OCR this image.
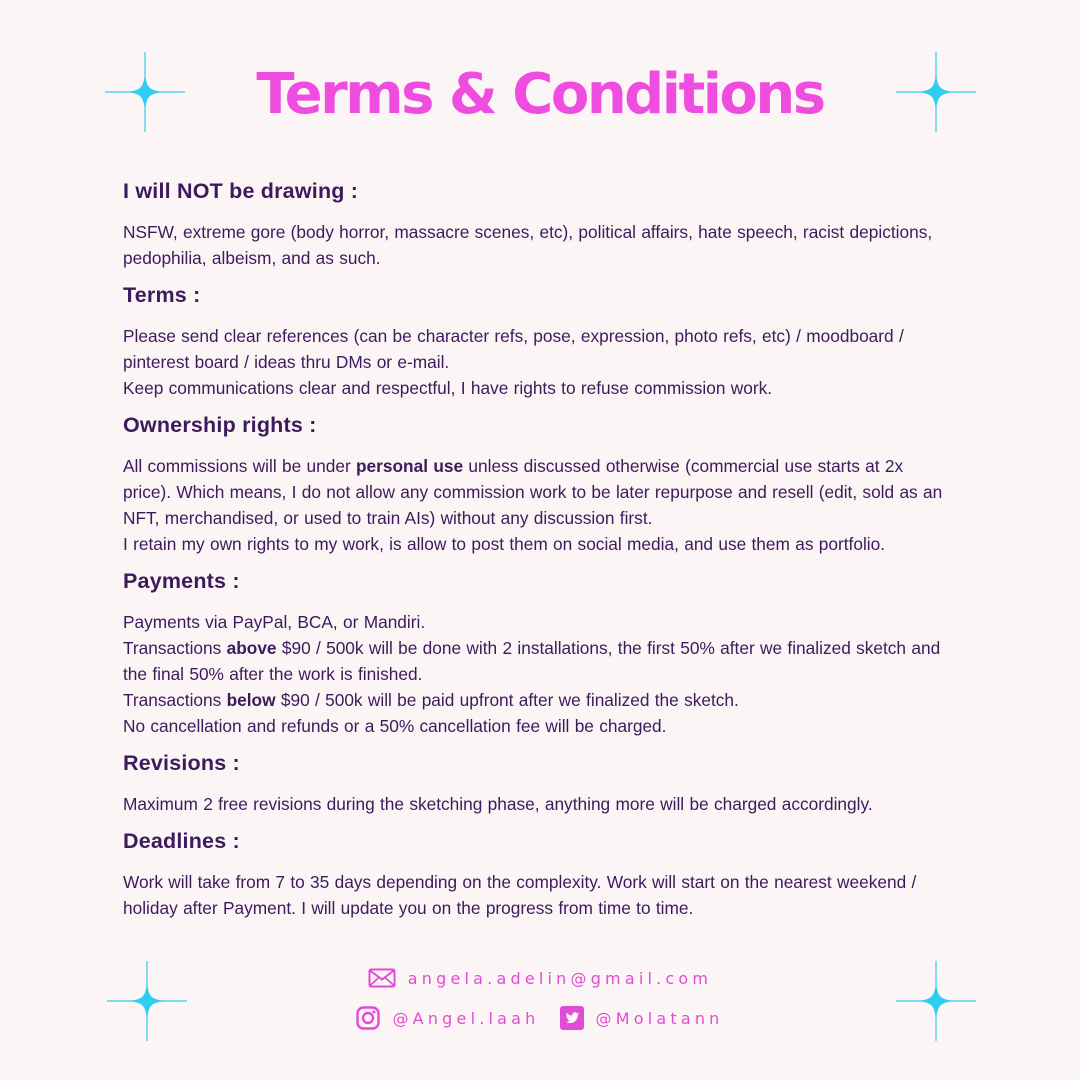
Terms & Conditions
I will NOT be drawing :

NSFW, extreme gore (body horror, massacre scenes, etc), political affairs, hate speech, racist depictions, pedophilia, albeism, and as such.

Terms :

Please send clear references (can be character refs, pose, expression, photo refs, etc) / moodboard / pinterest board / ideas thru DMs or e-mail.

Keep communications clear and respectful, I have rights to refuse commission work.

Ownership rights :

All commissions will be under personal use unless discussed otherwise (commercial use starts at 2x price). Which means, I do not allow any commission work to be later repurpose and resell (edit, sold as an NFT, merchandised, or used to train AIs) without any discussion first.

I retain my own rights to my work, is allow to post them on social media, and use them as portfolio.

Payments :

Payments via PayPal, BCA, or Mandiri.

Transactions above $90 / 500k will be done with 2 installations, the first 50% after we finalized sketch and the final 50% after the work is finished.

Transactions below $90 / 500k will be paid upfront after we finalized the sketch.

No cancellation and refunds or a 50% cancellation fee will be charged.

Revisions :

Maximum 2 free revisions during the sketching phase, anything more will be charged accordingly.

Deadlines :

Work will take from 7 to 35 days depending on the complexity. Work will start on the nearest weekend / holiday after Payment. I will update you on the progress from time to time.

angela.adelin@gmail.com
@Angel.laah	@Molatann
